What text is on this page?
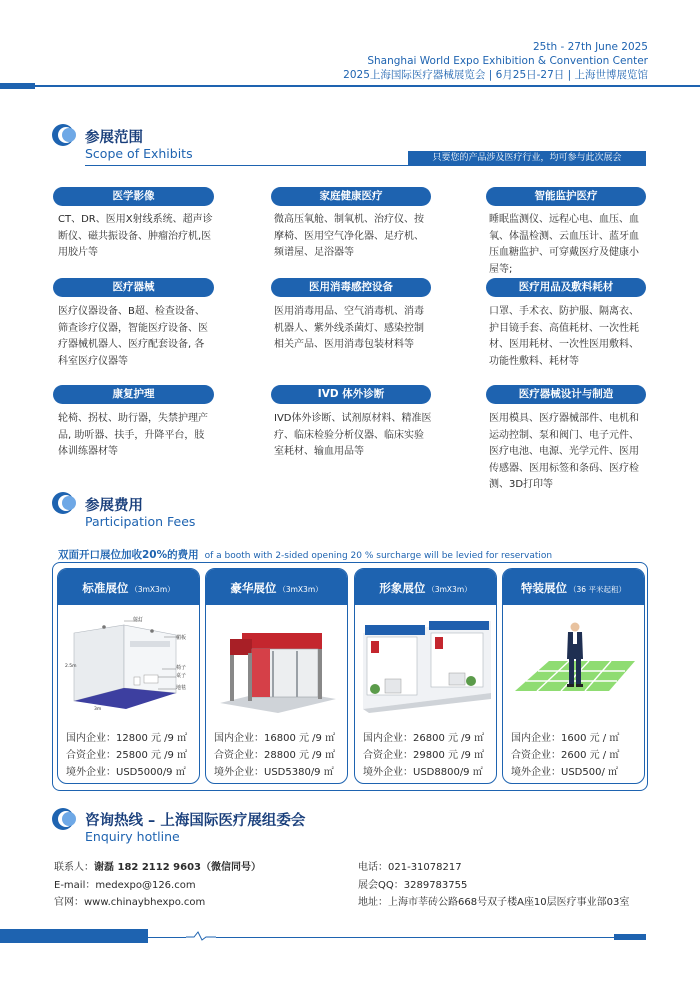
25th - 27th June 2025
Shanghai World Expo Exhibition & Convention Center
2025上海国际医疗器械展览会 | 6月25日-27日 | 上海世博展览馆
参展范围
Scope of Exhibits	只要您的产品涉及医疗行业，均可参与此次展会
医学影像
CT、DR、医用X射线系统、超声诊断仪、磁共振设备、肿瘤治疗机,医用胶片等
家庭健康医疗
微高压氧舱、制氧机、治疗仪、按摩椅、医用空气净化器、足疗机、频谱屋、足浴器等
智能监护医疗
睡眠监测仪、远程心电、血压、血氧、体温检测、云血压计、蓝牙血压血糖监护、可穿戴医疗及健康小屋等;
医疗器械
医疗仪器设备、B超、检查设备、筛查诊疗仪器，智能医疗设备、医疗器械机器人、医疗配套设备, 各科室医疗仪器等
医用消毒感控设备
医用消毒用品、空气消毒机、消毒机器人、紫外线杀菌灯、感染控制相关产品、医用消毒包装材料等
医疗用品及敷料耗材
口罩、手术衣、防护服、隔离衣、护目镜手套、高值耗材、一次性耗材、医用耗材、一次性医用敷料、功能性敷料、耗材等
康复护理
轮椅、拐杖、助行器，失禁护理产品, 助听器、扶手，升降平台，肢体训练器材等
IVD 体外诊断
IVD体外诊断、试剂原材料、精准医疗、临床检验分析仪器、临床实验室耗材、输血用品等
医疗器械设计与制造
医用模具、医疗器械部件、电机和运动控制、泵和阀门、电子元件、医疗电池、电源、光学元件、医用传感器、医用标签和条码、医疗检测、3D打印等
参展费用
Participation Fees
双面开口展位加收20%的费用 of a booth with 2-sided opening 20 % surcharge will be levied for reservation
标准展位 （3mX3m）
射灯
楣板
椅子
桌子
地毯
2.5m
3m
国内企业：12800 元 /9 ㎡
合资企业：25800 元 /9 ㎡
境外企业：USD5000/9 ㎡
豪华展位 （3mX3m）
国内企业：16800 元 /9 ㎡
合资企业：28800 元 /9 ㎡
境外企业：USD5380/9 ㎡
形象展位 （3mX3m）
国内企业：26800 元 /9 ㎡
合资企业：29800 元 /9 ㎡
境外企业：USD8800/9 ㎡
特装展位 （36 平米起租）
国内企业：1600 元 / ㎡
合资企业：2600 元 / ㎡
境外企业：USD500/ ㎡
咨询热线 – 上海国际医疗展组委会
Enquiry hotline
联系人：谢磊 182 2112 9603（微信同号）
E-mail：medexpo@126.com
官网：www.chinaybhexpo.com
电话：021-31078217
展会QQ：3289783755
地址：上海市莘砖公路668号双子楼A座10层医疗事业部03室
